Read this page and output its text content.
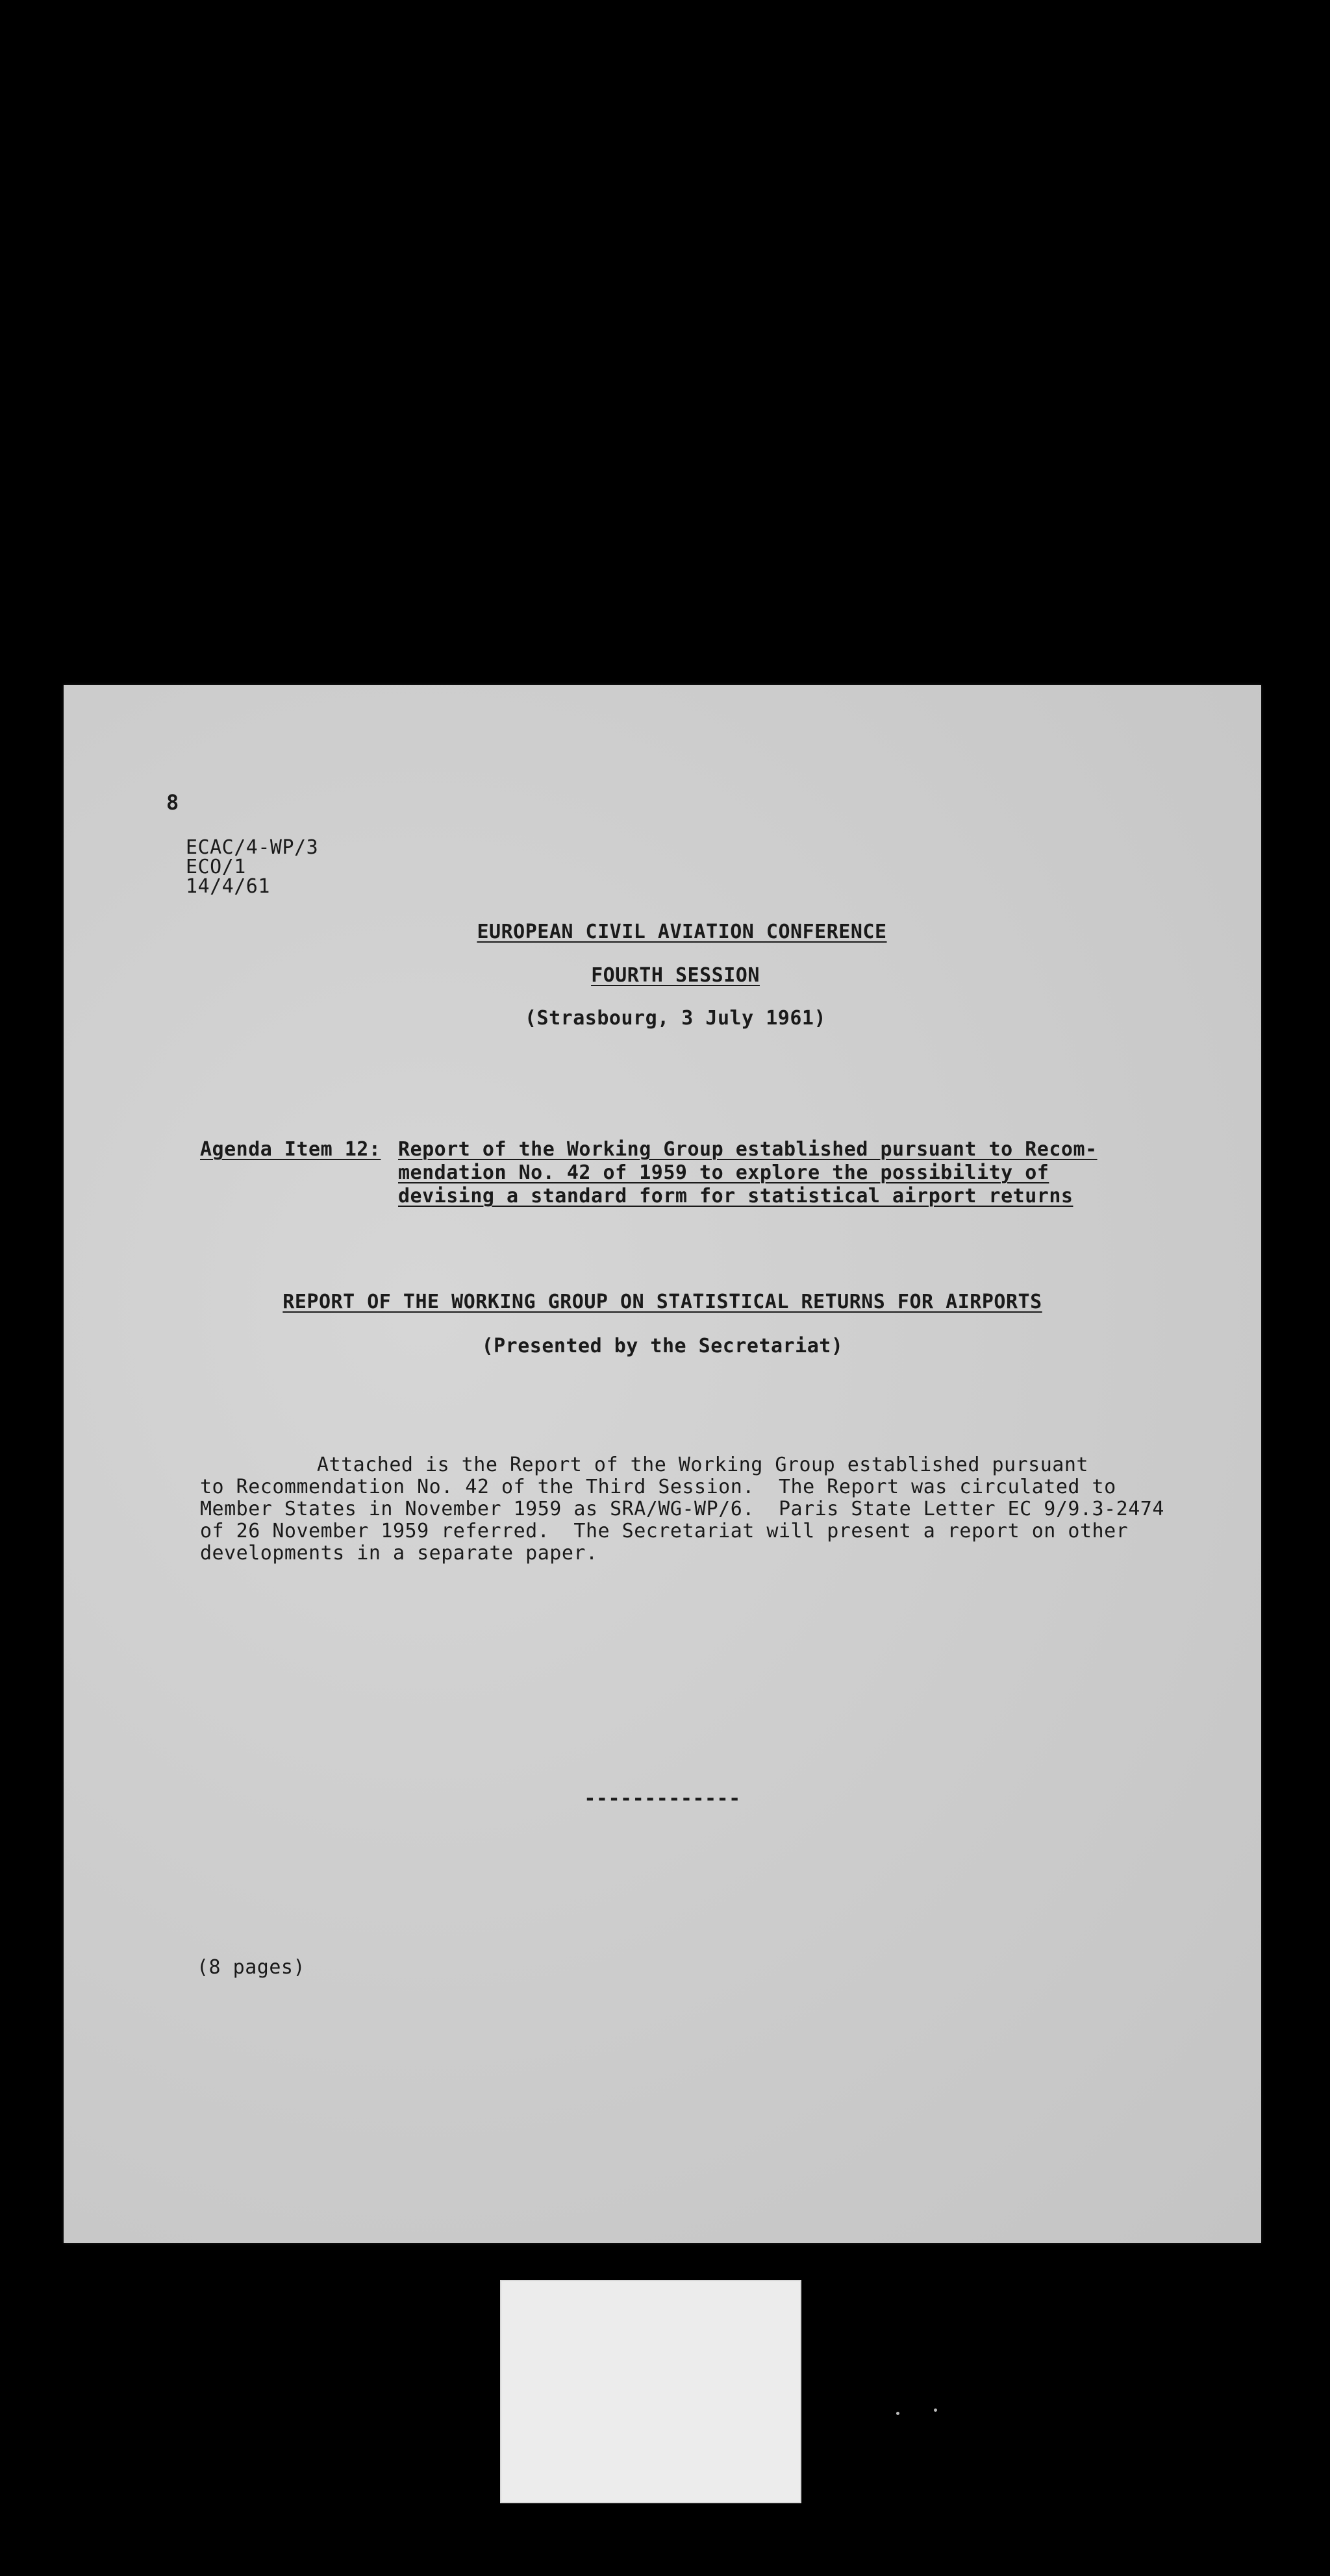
8
ECAC/4-WP/3
ECO/1
14/4/61
EUROPEAN CIVIL AVIATION CONFERENCE
FOURTH SESSION
(Strasbourg, 3 July 1961)
Agenda Item 12: Report of the Working Group established pursuant to Recom-
mendation No. 42 of 1959 to explore the possibility of
devising a standard form for statistical airport returns
REPORT OF THE WORKING GROUP ON STATISTICAL RETURNS FOR AIRPORTS
(Presented by the Secretariat)
Attached is the Report of the Working Group established pursuant
to Recommendation No. 42 of the Third Session.  The Report was circulated to
Member States in November 1959 as SRA/WG-WP/6.  Paris State Letter EC 9/9.3-2474
of 26 November 1959 referred.  The Secretariat will present a report on other
developments in a separate paper.
-------------
(8 pages)
